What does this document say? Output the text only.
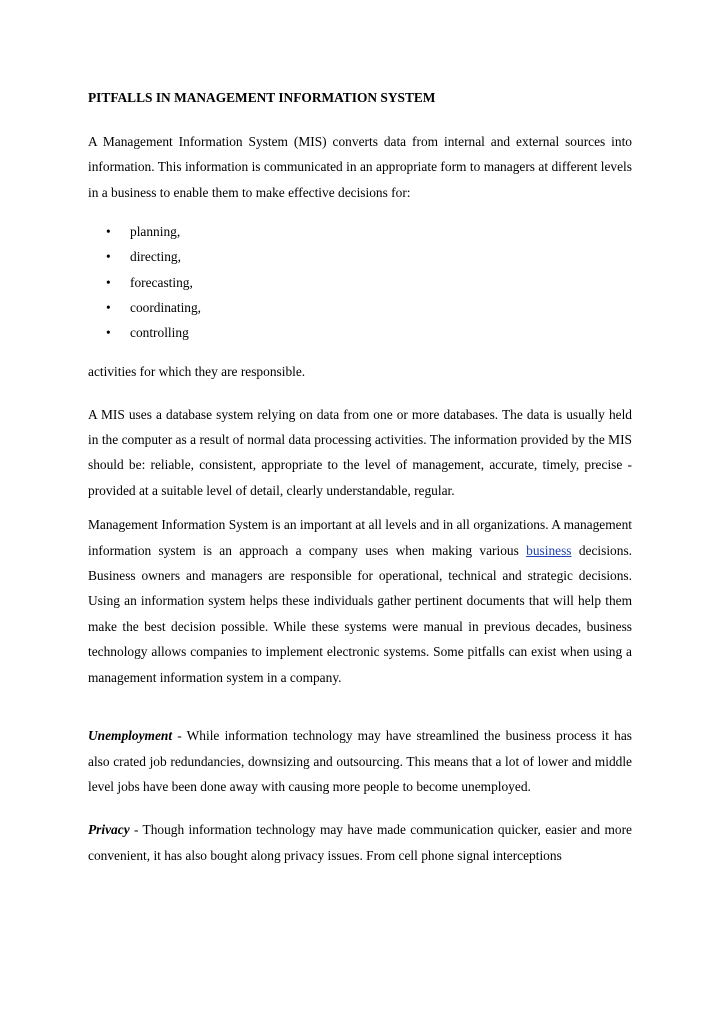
PITFALLS IN MANAGEMENT INFORMATION SYSTEM

A Management Information System (MIS) converts data from internal and external sources into information. This information is communicated in an appropriate form to managers at different levels in a business to enable them to make effective decisions for:

• planning,
• directing,
• forecasting,
• coordinating,
• controlling

activities for which they are responsible.

A MIS uses a database system relying on data from one or more databases. The data is usually held in the computer as a result of normal data processing activities. The information provided by the MIS should be: reliable, consistent, appropriate to the level of management, accurate, timely, precise - provided at a suitable level of detail, clearly understandable, regular.

Management Information System is an important at all levels and in all organizations. A management information system is an approach a company uses when making various business decisions. Business owners and managers are responsible for operational, technical and strategic decisions. Using an information system helps these individuals gather pertinent documents that will help them make the best decision possible. While these systems were manual in previous decades, business technology allows companies to implement electronic systems. Some pitfalls can exist when using a management information system in a company.

Unemployment - While information technology may have streamlined the business process it has also crated job redundancies, downsizing and outsourcing. This means that a lot of lower and middle level jobs have been done away with causing more people to become unemployed.

Privacy - Though information technology may have made communication quicker, easier and more convenient, it has also bought along privacy issues. From cell phone signal interceptions
